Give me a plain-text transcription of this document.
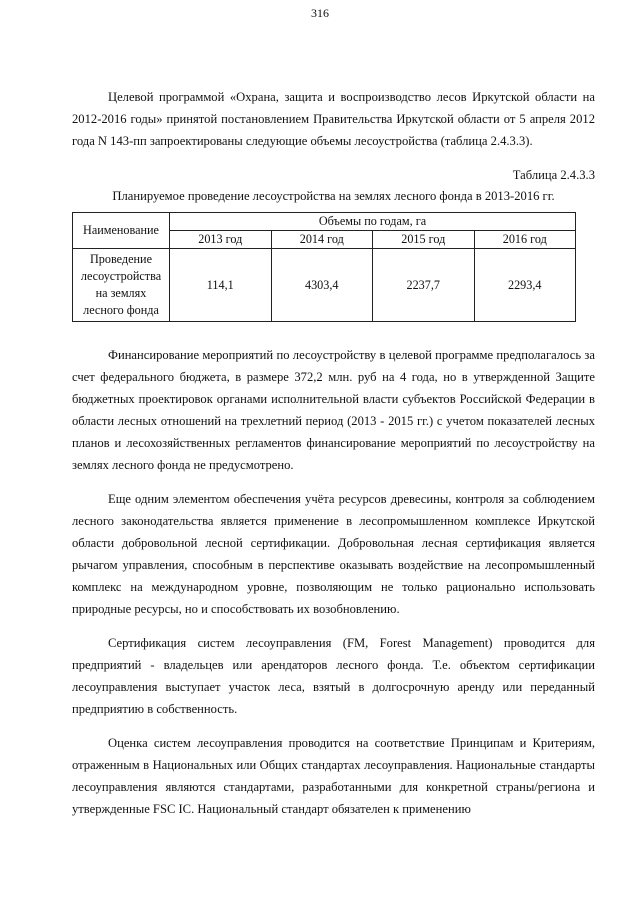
316

Целевой программой «Охрана, защита и воспроизводство лесов Иркутской области на 2012-2016 годы» принятой постановлением Правительства Иркутской области от 5 апреля 2012 года N 143-пп запроектированы следующие объемы лесоустройства (таблица 2.4.3.3).

Таблица 2.4.3.3
Планируемое проведение лесоустройства на землях лесного фонда в 2013-2016 гг.
Наименование	Объемы по годам, га			
	2013 год	2014 год	2015 год	2016 год
Проведение лесоустройства на землях лесного фонда	114,1	4303,4	2237,7	2293,4

Финансирование мероприятий по лесоустройству в целевой программе предполагалось за счет федерального бюджета, в размере 372,2 млн. руб на 4 года, но в утвержденной Защите бюджетных проектировок органами исполнительной власти субъектов Российской Федерации в области лесных отношений на трехлетний период (2013 - 2015 гг.) с учетом показателей лесных планов и лесохозяйственных регламентов финансирование мероприятий по лесоустройству на землях лесного фонда не предусмотрено.

Еще одним элементом обеспечения учёта ресурсов древесины, контроля за соблюдением лесного законодательства является применение в лесопромышленном комплексе Иркутской области добровольной лесной сертификации. Добровольная лесная сертификация является рычагом управления, способным в перспективе оказывать воздействие на лесопромышленный комплекс на международном уровне, позволяющим не только рационально использовать природные ресурсы, но и способствовать их возобновлению.

Сертификация систем лесоуправления (FM, Forest Management) проводится для предприятий - владельцев или арендаторов лесного фонда. Т.е. объектом сертификации лесоуправления выступает участок леса, взятый в долгосрочную аренду или переданный предприятию в собственность.

Оценка систем лесоуправления проводится на соответствие Принципам и Критериям, отраженным в Национальных или Общих стандартах лесоуправления. Национальные стандарты лесоуправления являются стандартами, разработанными для конкретной страны/региона и утвержденные FSC IC. Национальный стандарт обязателен к применению
